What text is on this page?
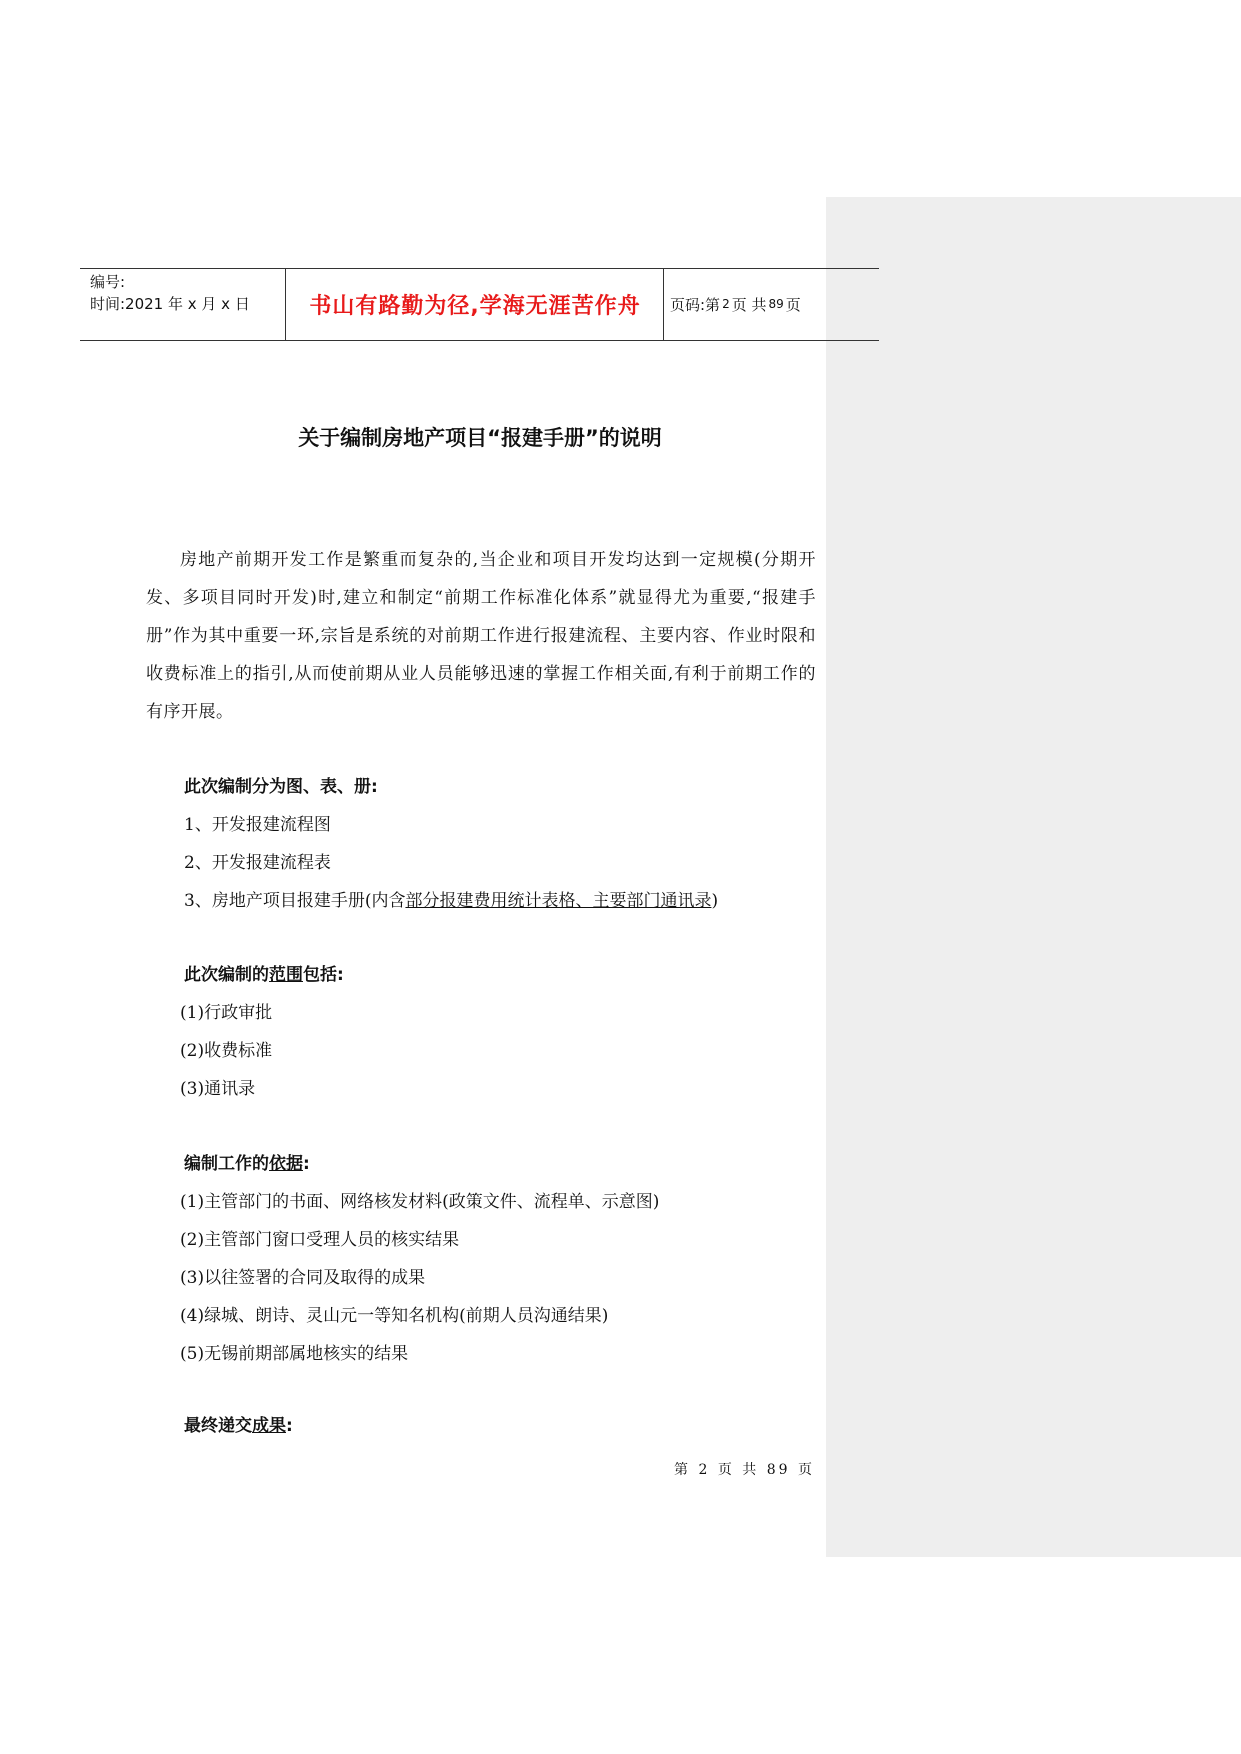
编号:
时间:2021 年 x 月 x 日	书山有路勤为径,学海无涯苦作舟	页码:第 2 页 共 89 页
关于编制房地产项目“报建手册”的说明
房地产前期开发工作是繁重而复杂的,当企业和项目开发均达到一定规模(分期开发、多项目同时开发)时,建立和制定“前期工作标准化体系”就显得尤为重要,“报建手册”作为其中重要一环,宗旨是系统的对前期工作进行报建流程、主要内容、作业时限和收费标准上的指引,从而使前期从业人员能够迅速的掌握工作相关面,有利于前期工作的有序开展。
此次编制分为图、表、册:
1、开发报建流程图
2、开发报建流程表
3、房地产项目报建手册(内含部分报建费用统计表格、主要部门通讯录)
此次编制的范围包括:
(1)行政审批
(2)收费标准
(3)通讯录
编制工作的依据:
(1)主管部门的书面、网络核发材料(政策文件、流程单、示意图)
(2)主管部门窗口受理人员的核实结果
(3)以往签署的合同及取得的成果
(4)绿城、朗诗、灵山元一等知名机构(前期人员沟通结果)
(5)无锡前期部属地核实的结果
最终递交成果:
第 2 页 共 89 页
